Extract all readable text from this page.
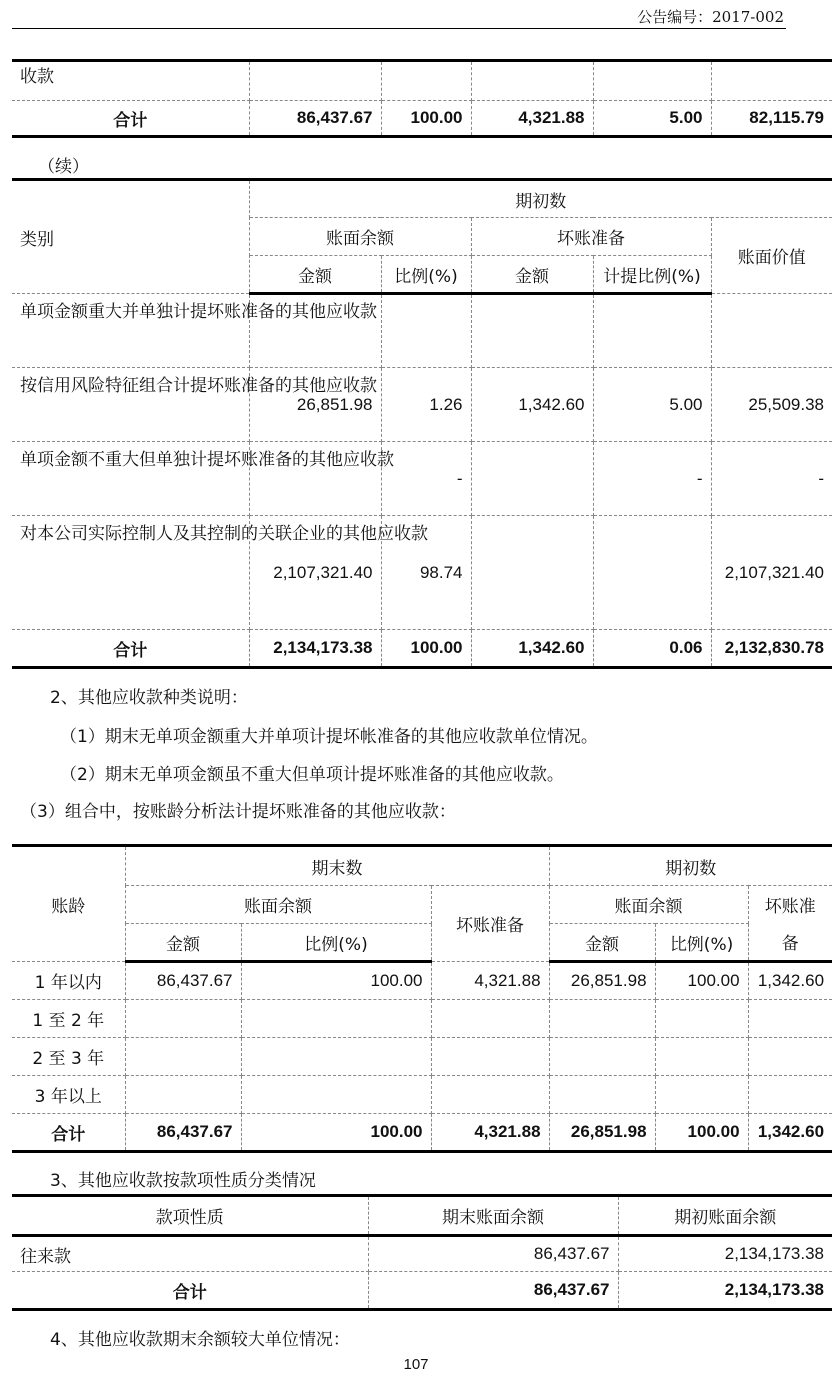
公告编号：2017-002
收款					
合计	86,437.67	100.00	4,321.88	5.00	82,115.79
（续）
类别	期初数				
	账面余额		坏账准备		账面价值
	金额	比例(%)	金额	计提比例(%)	
单项金额重大并单独计提坏账准备的其他应收款					
按信用风险特征组合计提坏账准备的其他应收款	26,851.98	1.26	1,342.60	5.00	25,509.38
单项金额不重大但单独计提坏账准备的其他应收款		-		-	-
对本公司实际控制人及其控制的关联企业的其他应收款	2,107,321.40	98.74			2,107,321.40
合计	2,134,173.38	100.00	1,342.60	0.06	2,132,830.78
2、其他应收款种类说明：
（1）期末无单项金额重大并单项计提坏帐准备的其他应收款单位情况。
（2）期末无单项金额虽不重大但单项计提坏账准备的其他应收款。
（3）组合中，按账龄分析法计提坏账准备的其他应收款：
账龄	期末数			期初数		
	账面余额		坏账准备	账面余额		坏账准
	金额	比例(%)		金额	比例(%)	备
1 年以内	86,437.67	100.00	4,321.88	26,851.98	100.00	1,342.60
1 至 2 年						
2 至 3 年						
3 年以上						
合计	86,437.67	100.00	4,321.88	26,851.98	100.00	1,342.60
3、其他应收款按款项性质分类情况
款项性质	期末账面余额	期初账面余额
往来款	86,437.67	2,134,173.38
合计	86,437.67	2,134,173.38
4、其他应收款期末余额较大单位情况：
107
